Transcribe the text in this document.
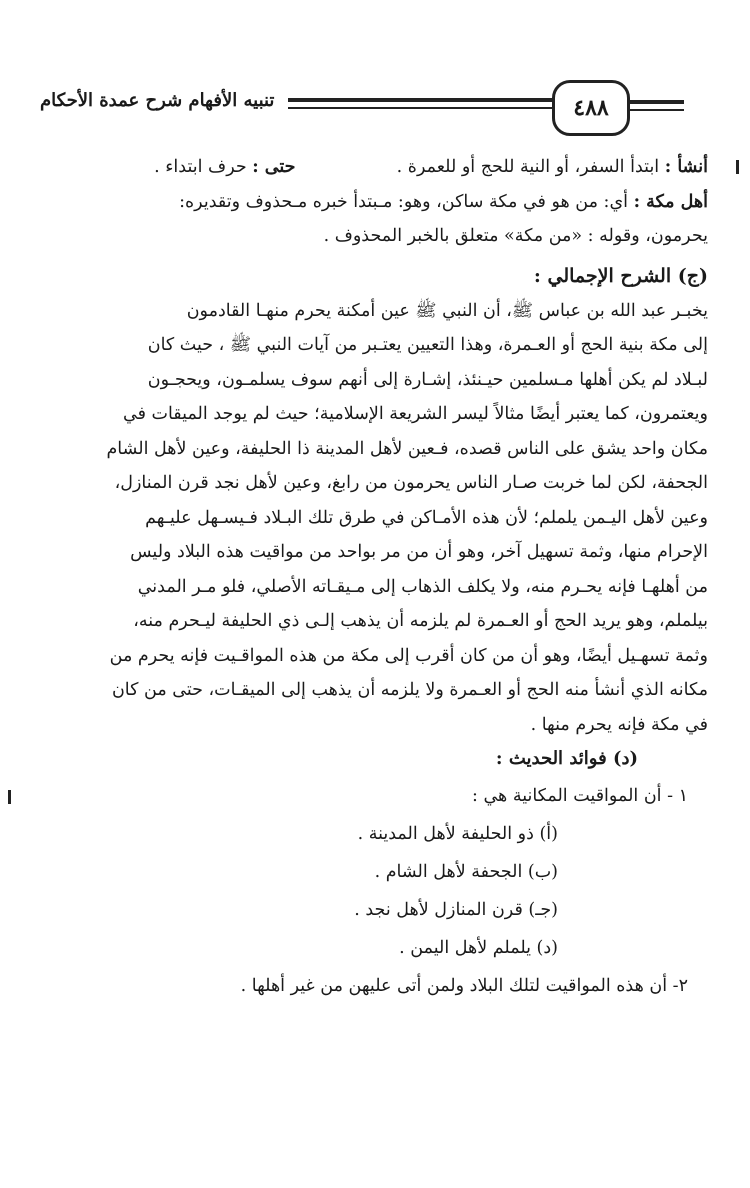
تنبيه الأفهام شرح عمدة الأحكام	٤٨٨
أنشأ : ابتدأ السفر، أو النية للحج أو للعمرة .  حتى : حرف ابتداء .
أهل مكة : أي: من هو في مكة ساكن، وهو: مـبتدأ خبره مـحذوف وتقديره:
يحرمون، وقوله : «من مكة» متعلق بالخبر المحذوف .
(ج) الشرح الإجمالي :
يخبـر عبد الله بن عباس ﷺ، أن النبي ﷺ عين أمكنة يحرم منهـا القادمون
إلى مكة بنية الحج أو العـمرة، وهذا التعيين يعتـبر من آيات النبي ﷺ ، حيث كان
لبـلاد لم يكن أهلها مـسلمين حيـنئذ، إشـارة إلى أنهم سوف يسلمـون، ويحجـون
ويعتمرون، كما يعتبر أيضًا مثالاً ليسر الشريعة الإسلامية؛ حيث لم يوجد الميقات في
مكان واحد يشق على الناس قصده، فـعين لأهل المدينة ذا الحليفة، وعين لأهل الشام
الجحفة، لكن لما خربت صـار الناس يحرمون من رابغ، وعين لأهل نجد قرن المنازل،
وعين لأهل اليـمن يلملم؛ لأن هذه الأمـاكن في طرق تلك البـلاد فـيسـهل عليـهم
الإحرام منها، وثمة تسهيل آخر، وهو أن من مر بواحد من مواقيت هذه البلاد وليس
من أهلهـا فإنه يحـرم منه، ولا يكلف الذهاب إلى مـيقـاته الأصلي، فلو مـر المدني
بيلملم، وهو يريد الحج أو العـمرة لم يلزمه أن يذهب إلـى ذي الحليفة ليـحرم منه،
وثمة تسهـيل أيضًا، وهو أن من كان أقرب إلى مكة من هذه المواقـيت فإنه يحرم من
مكانه الذي أنشأ منه الحج أو العـمرة ولا يلزمه أن يذهب إلى الميقـات، حتى من كان
في مكة فإنه يحرم منها .
(د) فوائد الحديث :
١ - أن المواقيت المكانية هي :
(أ) ذو الحليفة لأهل المدينة .
(ب) الجحفة لأهل الشام .
(جـ) قرن المنازل لأهل نجد .
(د) يلملم لأهل اليمن .
٢- أن هذه المواقيت لتلك البلاد ولمن أتى عليهن من غير أهلها .
